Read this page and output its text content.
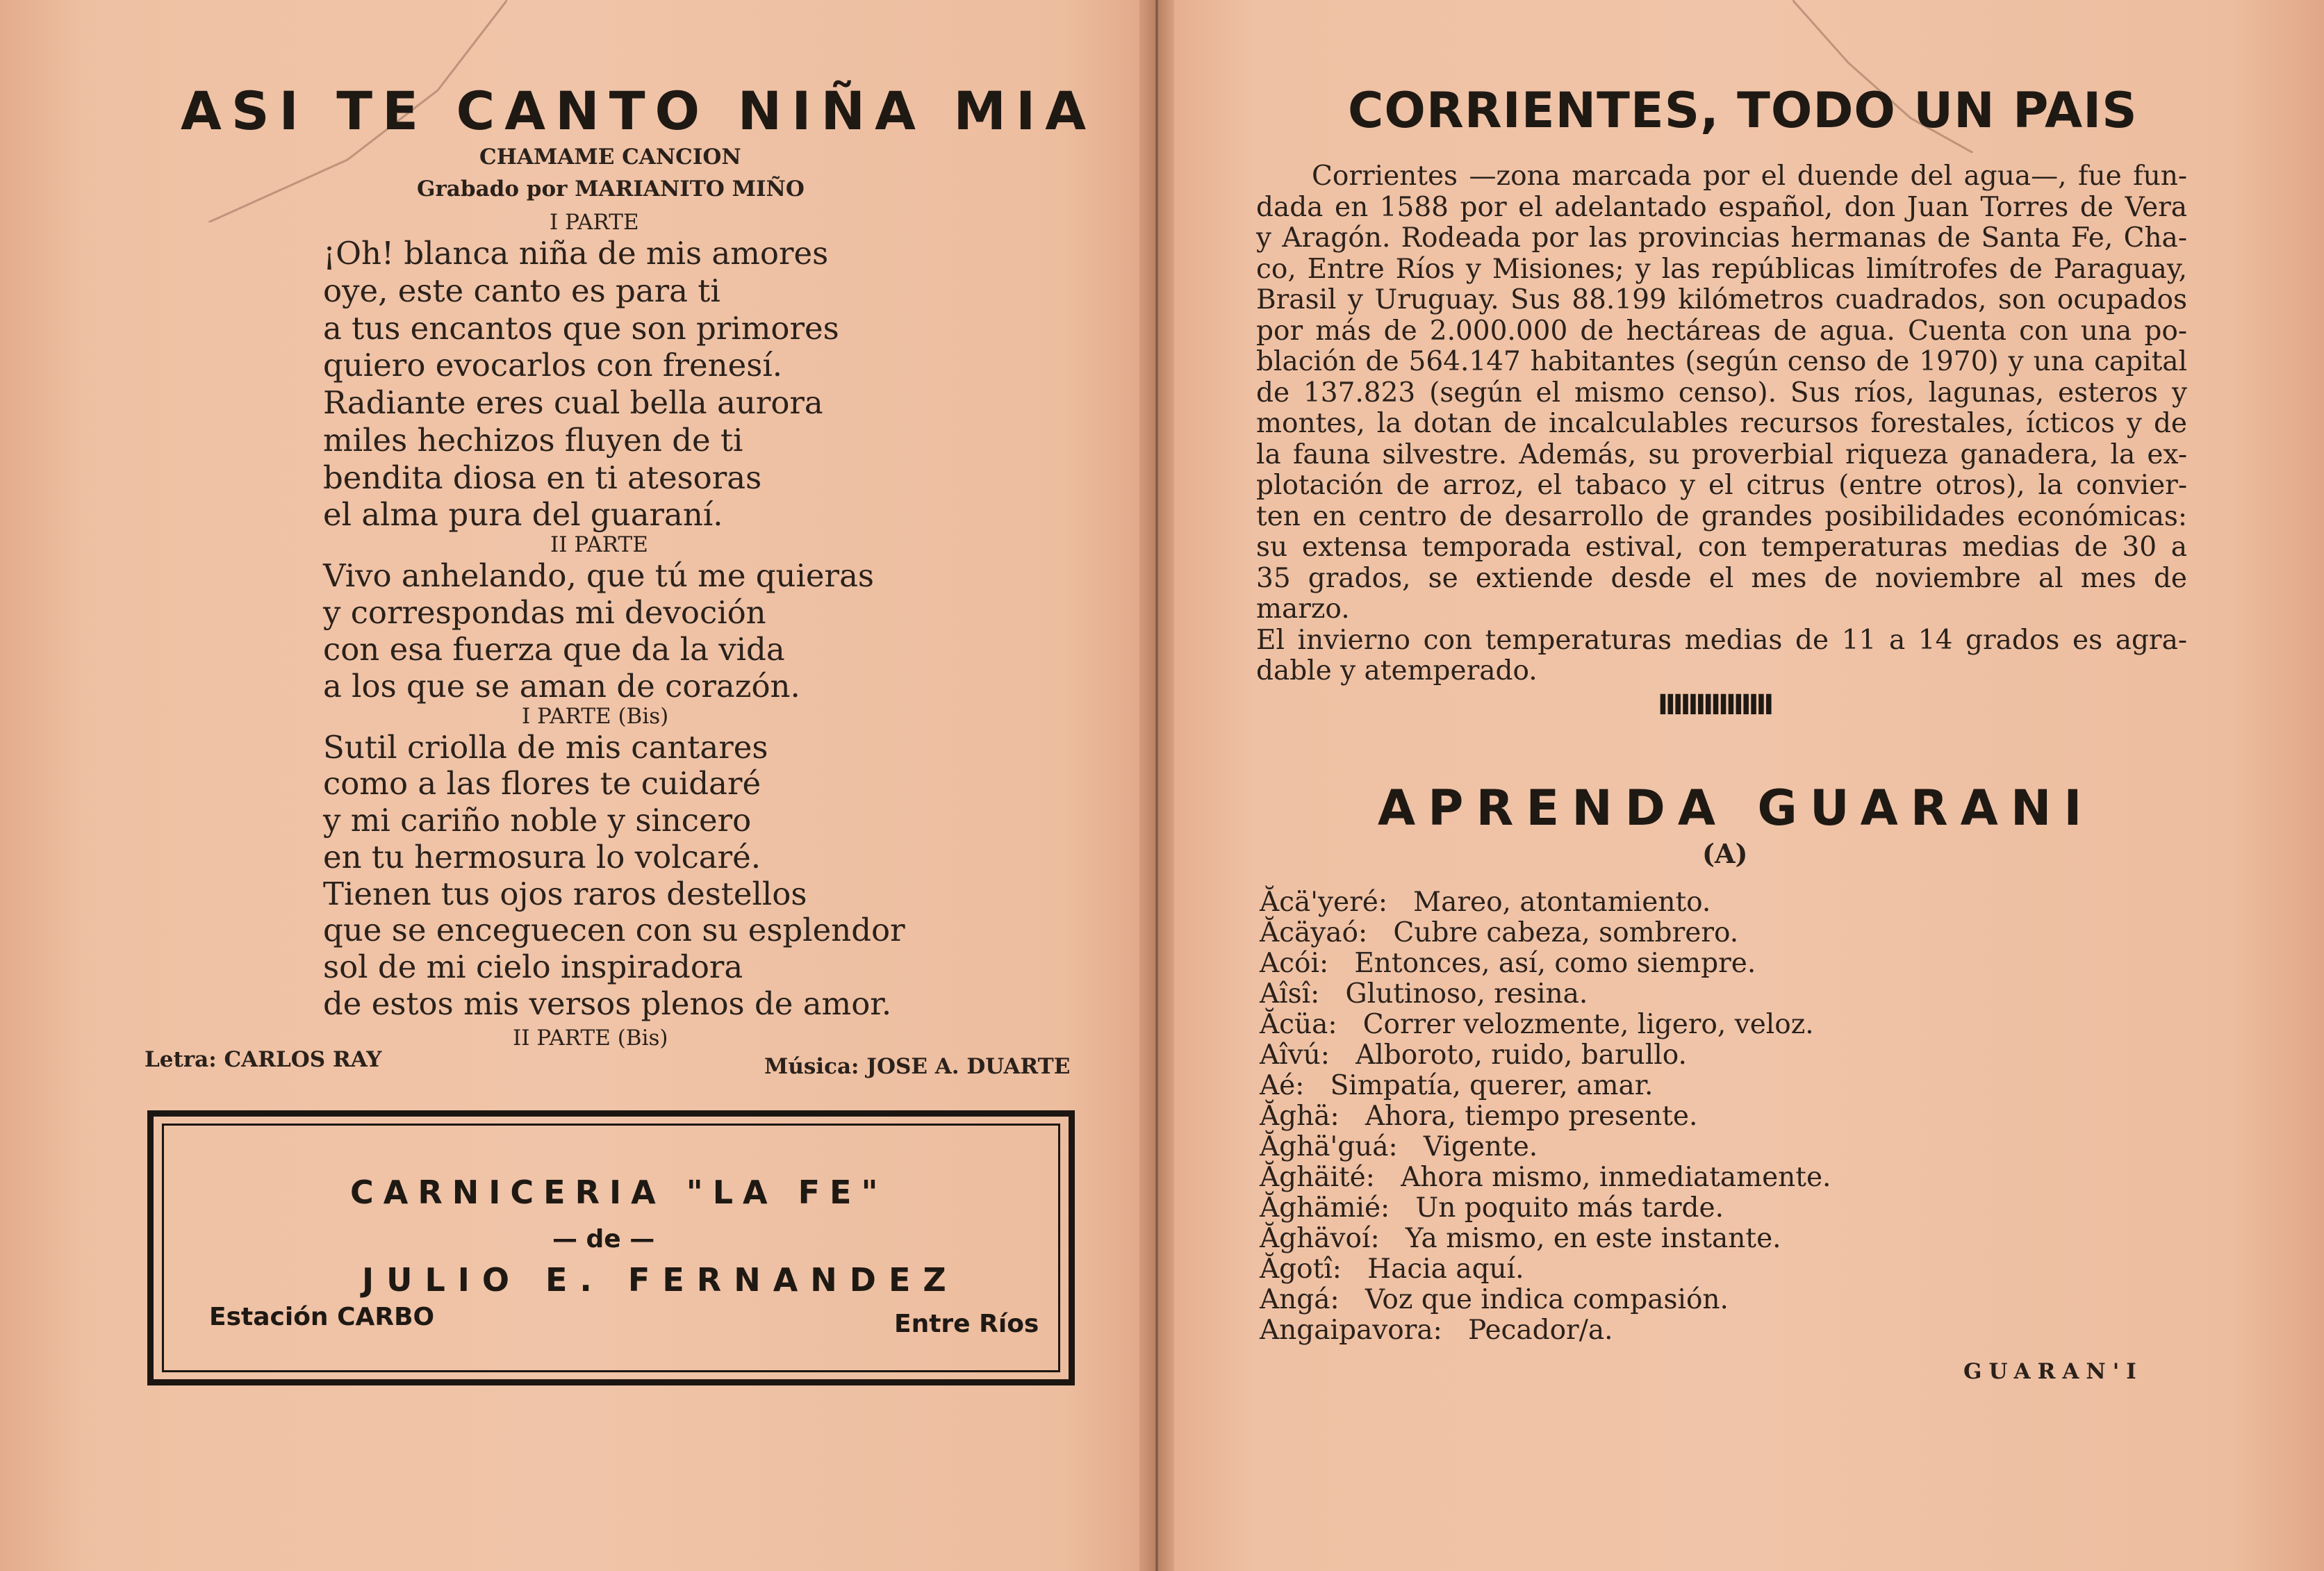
ASI TE CANTO NIÑA MIA
CHAMAME CANCION
Grabado por MARIANITO MIÑO
I PARTE
¡Oh! blanca niña de mis amores
oye, este canto es para ti
a tus encantos que son primores
quiero evocarlos con frenesí.
Radiante eres cual bella aurora
miles hechizos fluyen de ti
bendita diosa en ti atesoras
el alma pura del guaraní.
II PARTE
Vivo anhelando, que tú me quieras
y correspondas mi devoción
con esa fuerza que da la vida
a los que se aman de corazón.
I PARTE (Bis)
Sutil criolla de mis cantares
como a las flores te cuidaré
y mi cariño noble y sincero
en tu hermosura lo volcaré.
Tienen tus ojos raros destellos
que se enceguecen con su esplendor
sol de mi cielo inspiradora
de estos mis versos plenos de amor.
II PARTE (Bis)
Letra: CARLOS RAY	Música: JOSE A. DUARTE
CARNICERIA "LA FE"
— de —
JULIO E. FERNANDEZ
Estación CARBO	Entre Ríos
CORRIENTES, TODO UN PAIS
Corrientes —zona marcada por el duende del agua—, fue fun-
dada en 1588 por el adelantado español, don Juan Torres de Vera
y Aragón. Rodeada por las provincias hermanas de Santa Fe, Cha-
co, Entre Ríos y Misiones; y las repúblicas limítrofes de Paraguay,
Brasil y Uruguay. Sus 88.199 kilómetros cuadrados, son ocupados
por más de 2.000.000 de hectáreas de agua. Cuenta con una po-
blación de 564.147 habitantes (según censo de 1970) y una capital
de 137.823 (según el mismo censo). Sus ríos, lagunas, esteros y
montes, la dotan de incalculables recursos forestales, ícticos y de
la fauna silvestre. Además, su proverbial riqueza ganadera, la ex-
plotación de arroz, el tabaco y el citrus (entre otros), la convier-
ten en centro de desarrollo de grandes posibilidades económicas:
su extensa temporada estival, con temperaturas medias de 30 a
35 grados, se extiende desde el mes de noviembre al mes de marzo.
El invierno con temperaturas medias de 11 a 14 grados es agra-
dable y atemperado.
IIIIIIIIIIIIIII
APRENDA GUARANI
(A)
Ăcä'yeré: Mareo, atontamiento.
Ăcäyaó: Cubre cabeza, sombrero.
Acói: Entonces, así, como siempre.
Aîsî: Glutinoso, resina.
Ăcüa: Correr velozmente, ligero, veloz.
Aîvú: Alboroto, ruido, barullo.
Aé: Simpatía, querer, amar.
Ăghä: Ahora, tiempo presente.
Ăghä'guá: Vigente.
Ăghäité: Ahora mismo, inmediatamente.
Ăghämié: Un poquito más tarde.
Ăghävoí: Ya mismo, en este instante.
Ăgotî: Hacia aquí.
Angá: Voz que indica compasión.
Angaipavora: Pecador/a.
GUARAN'I
